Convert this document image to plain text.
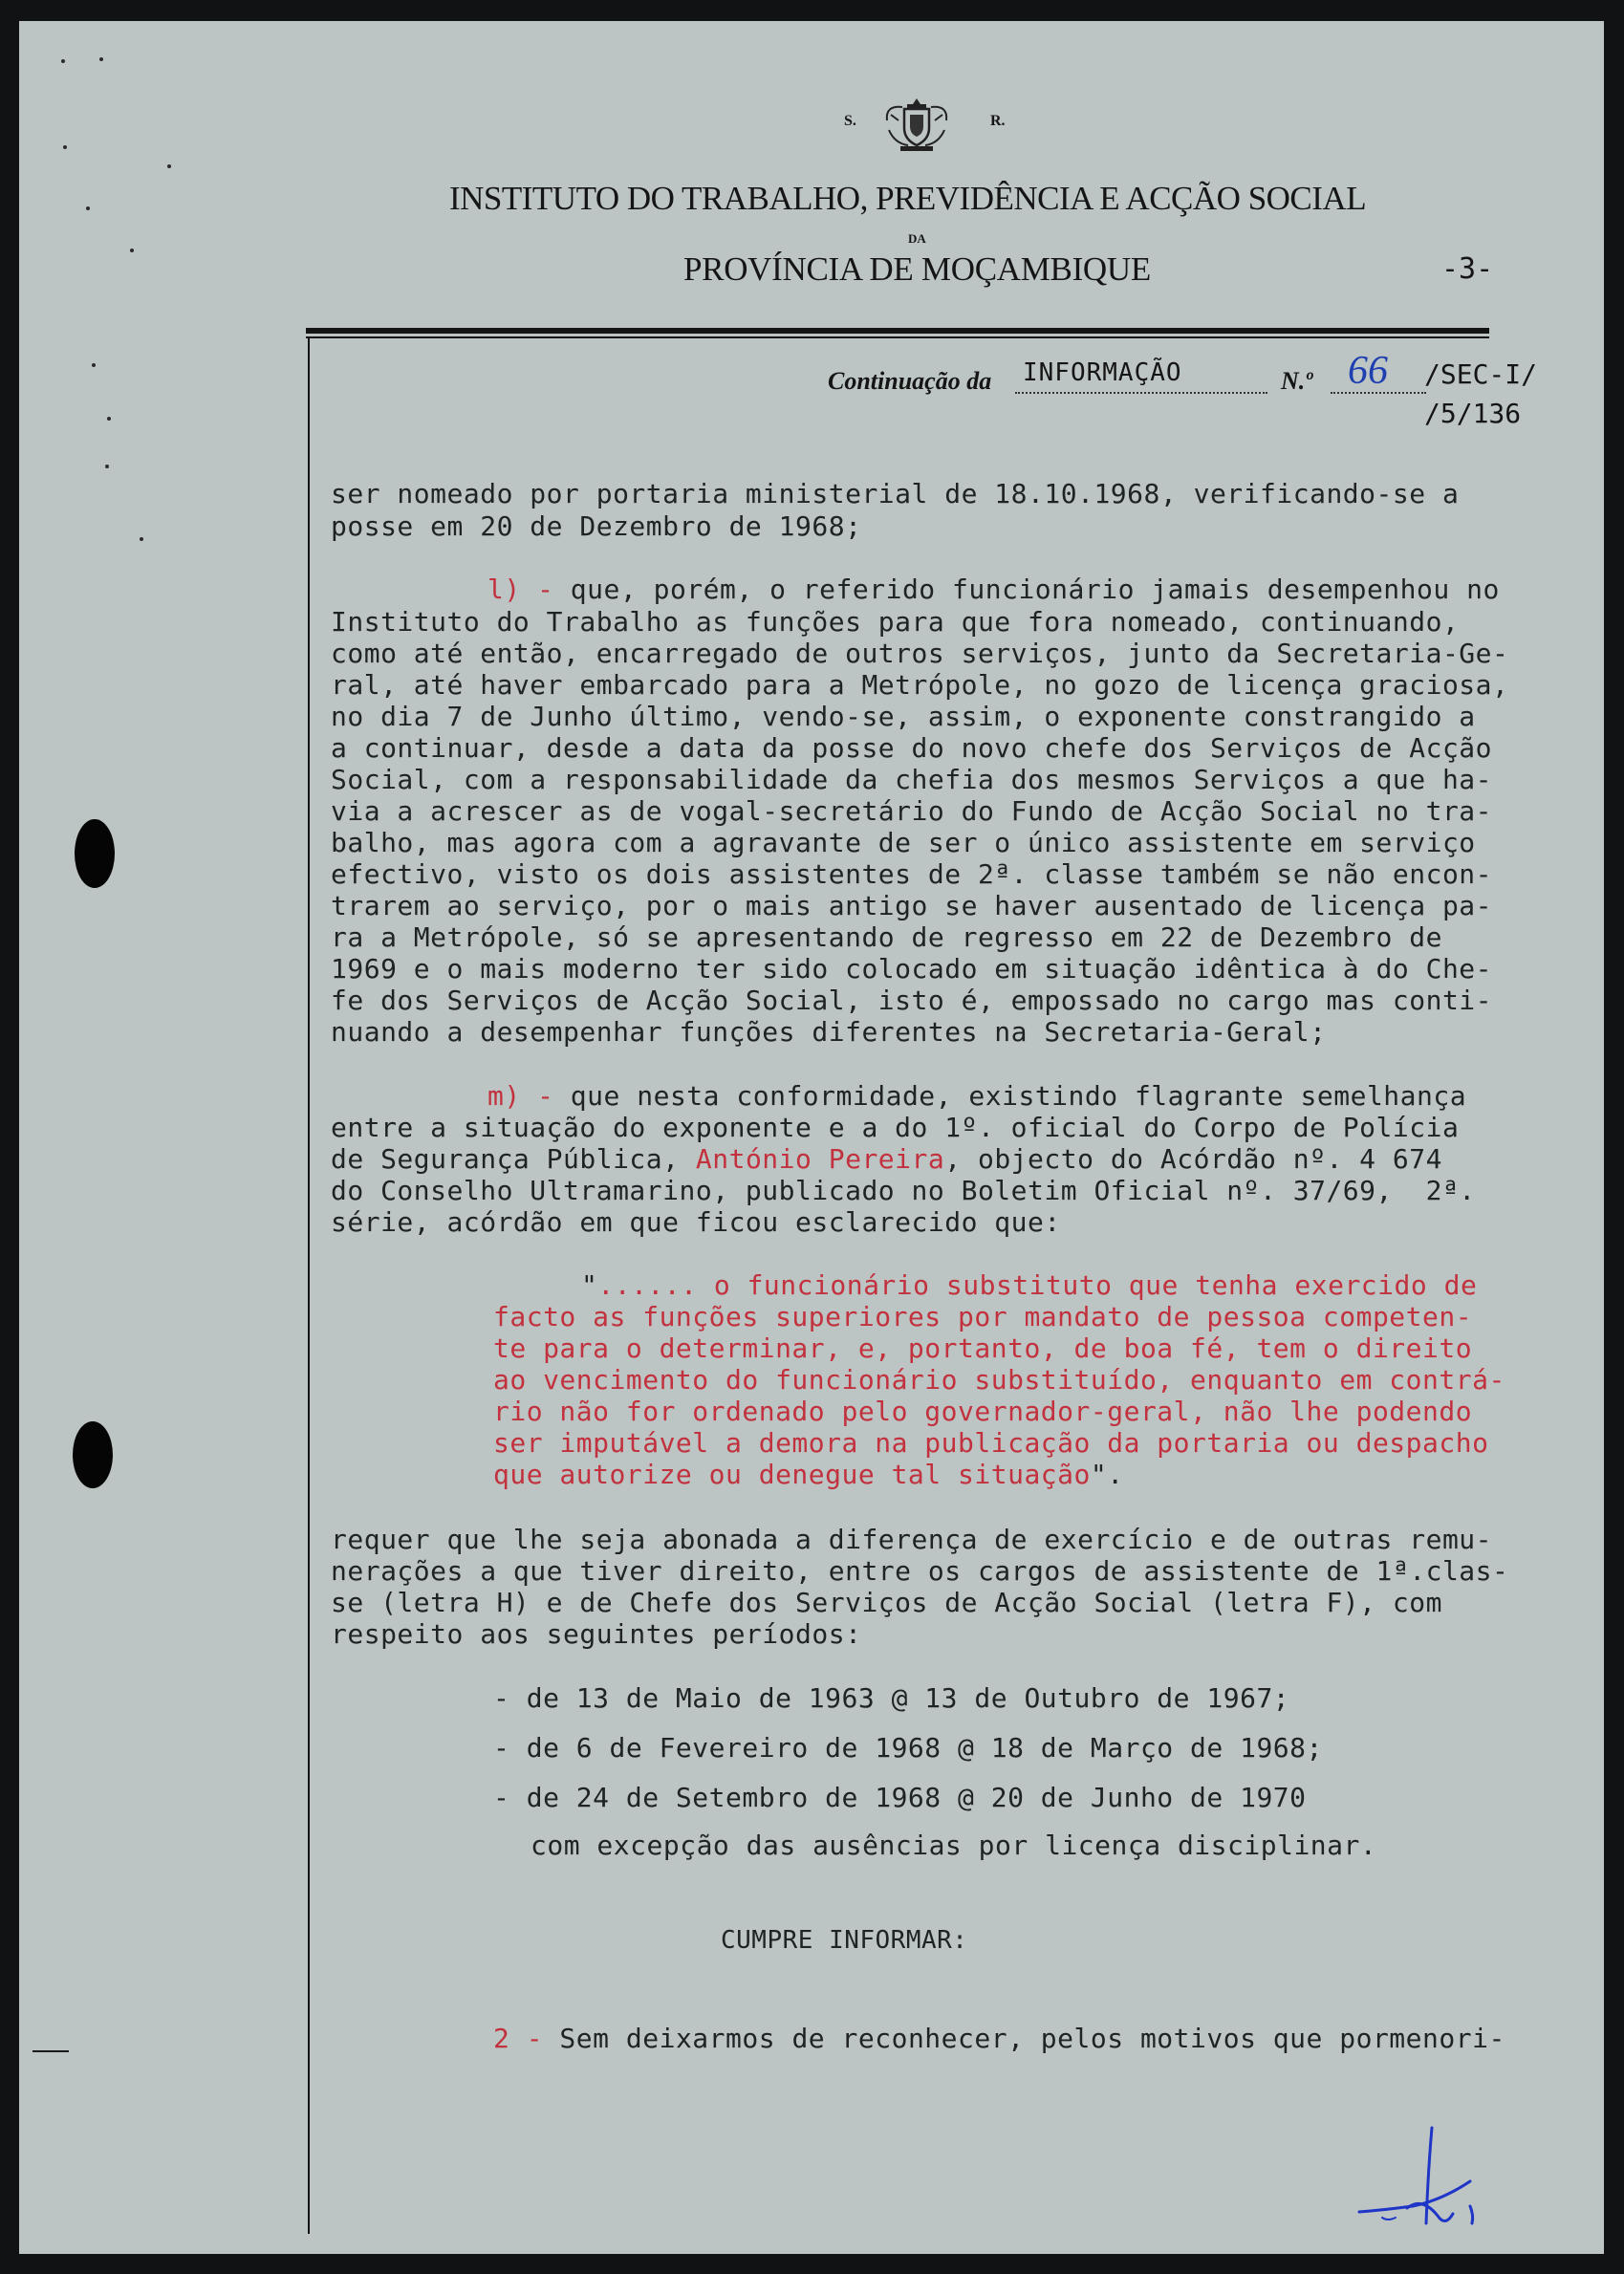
S.	R.
INSTITUTO DO TRABALHO, PREVIDÊNCIA E ACÇÃO SOCIAL
DA
PROVÍNCIA DE MOÇAMBIQUE	-3-
Continuação da INFORMAÇÃO	N.º 66 /SEC-I/
/5/136
ser nomeado por portaria ministerial de 18.10.1968, verificando-se a
posse em 20 de Dezembro de 1968;
l) - que, porém, o referido funcionário jamais desempenhou no
Instituto do Trabalho as funções para que fora nomeado, continuando,
como até então, encarregado de outros serviços, junto da Secretaria-Ge-
ral, até haver embarcado para a Metrópole, no gozo de licença graciosa,
no dia 7 de Junho último, vendo-se, assim, o exponente constrangido a
a continuar, desde a data da posse do novo chefe dos Serviços de Acção
Social, com a responsabilidade da chefia dos mesmos Serviços a que ha-
via a acrescer as de vogal-secretário do Fundo de Acção Social no tra-
balho, mas agora com a agravante de ser o único assistente em serviço
efectivo, visto os dois assistentes de 2ª. classe também se não encon-
trarem ao serviço, por o mais antigo se haver ausentado de licença pa-
ra a Metrópole, só se apresentando de regresso em 22 de Dezembro de
1969 e o mais moderno ter sido colocado em situação idêntica à do Che-
fe dos Serviços de Acção Social, isto é, empossado no cargo mas conti-
nuando a desempenhar funções diferentes na Secretaria-Geral;
m) - que nesta conformidade, existindo flagrante semelhança
entre a situação do exponente e a do 1º. oficial do Corpo de Polícia
de Segurança Pública, António Pereira, objecto do Acórdão nº. 4 674
do Conselho Ultramarino, publicado no Boletim Oficial nº. 37/69,  2ª.
série, acórdão em que ficou esclarecido que:
"...... o funcionário substituto que tenha exercido de
facto as funções superiores por mandato de pessoa competen-
te para o determinar, e, portanto, de boa fé, tem o direito
ao vencimento do funcionário substituído, enquanto em contrá-
rio não for ordenado pelo governador-geral, não lhe podendo
ser imputável a demora na publicação da portaria ou despacho
que autorize ou denegue tal situação".
requer que lhe seja abonada a diferença de exercício e de outras remu-
nerações a que tiver direito, entre os cargos de assistente de 1ª.clas-
se (letra H) e de Chefe dos Serviços de Acção Social (letra F), com
respeito aos seguintes períodos:
- de 13 de Maio de 1963 @ 13 de Outubro de 1967;
- de 6 de Fevereiro de 1968 @ 18 de Março de 1968;
- de 24 de Setembro de 1968 @ 20 de Junho de 1970
com excepção das ausências por licença disciplinar.
CUMPRE INFORMAR:
2 - Sem deixarmos de reconhecer, pelos motivos que pormenori-
